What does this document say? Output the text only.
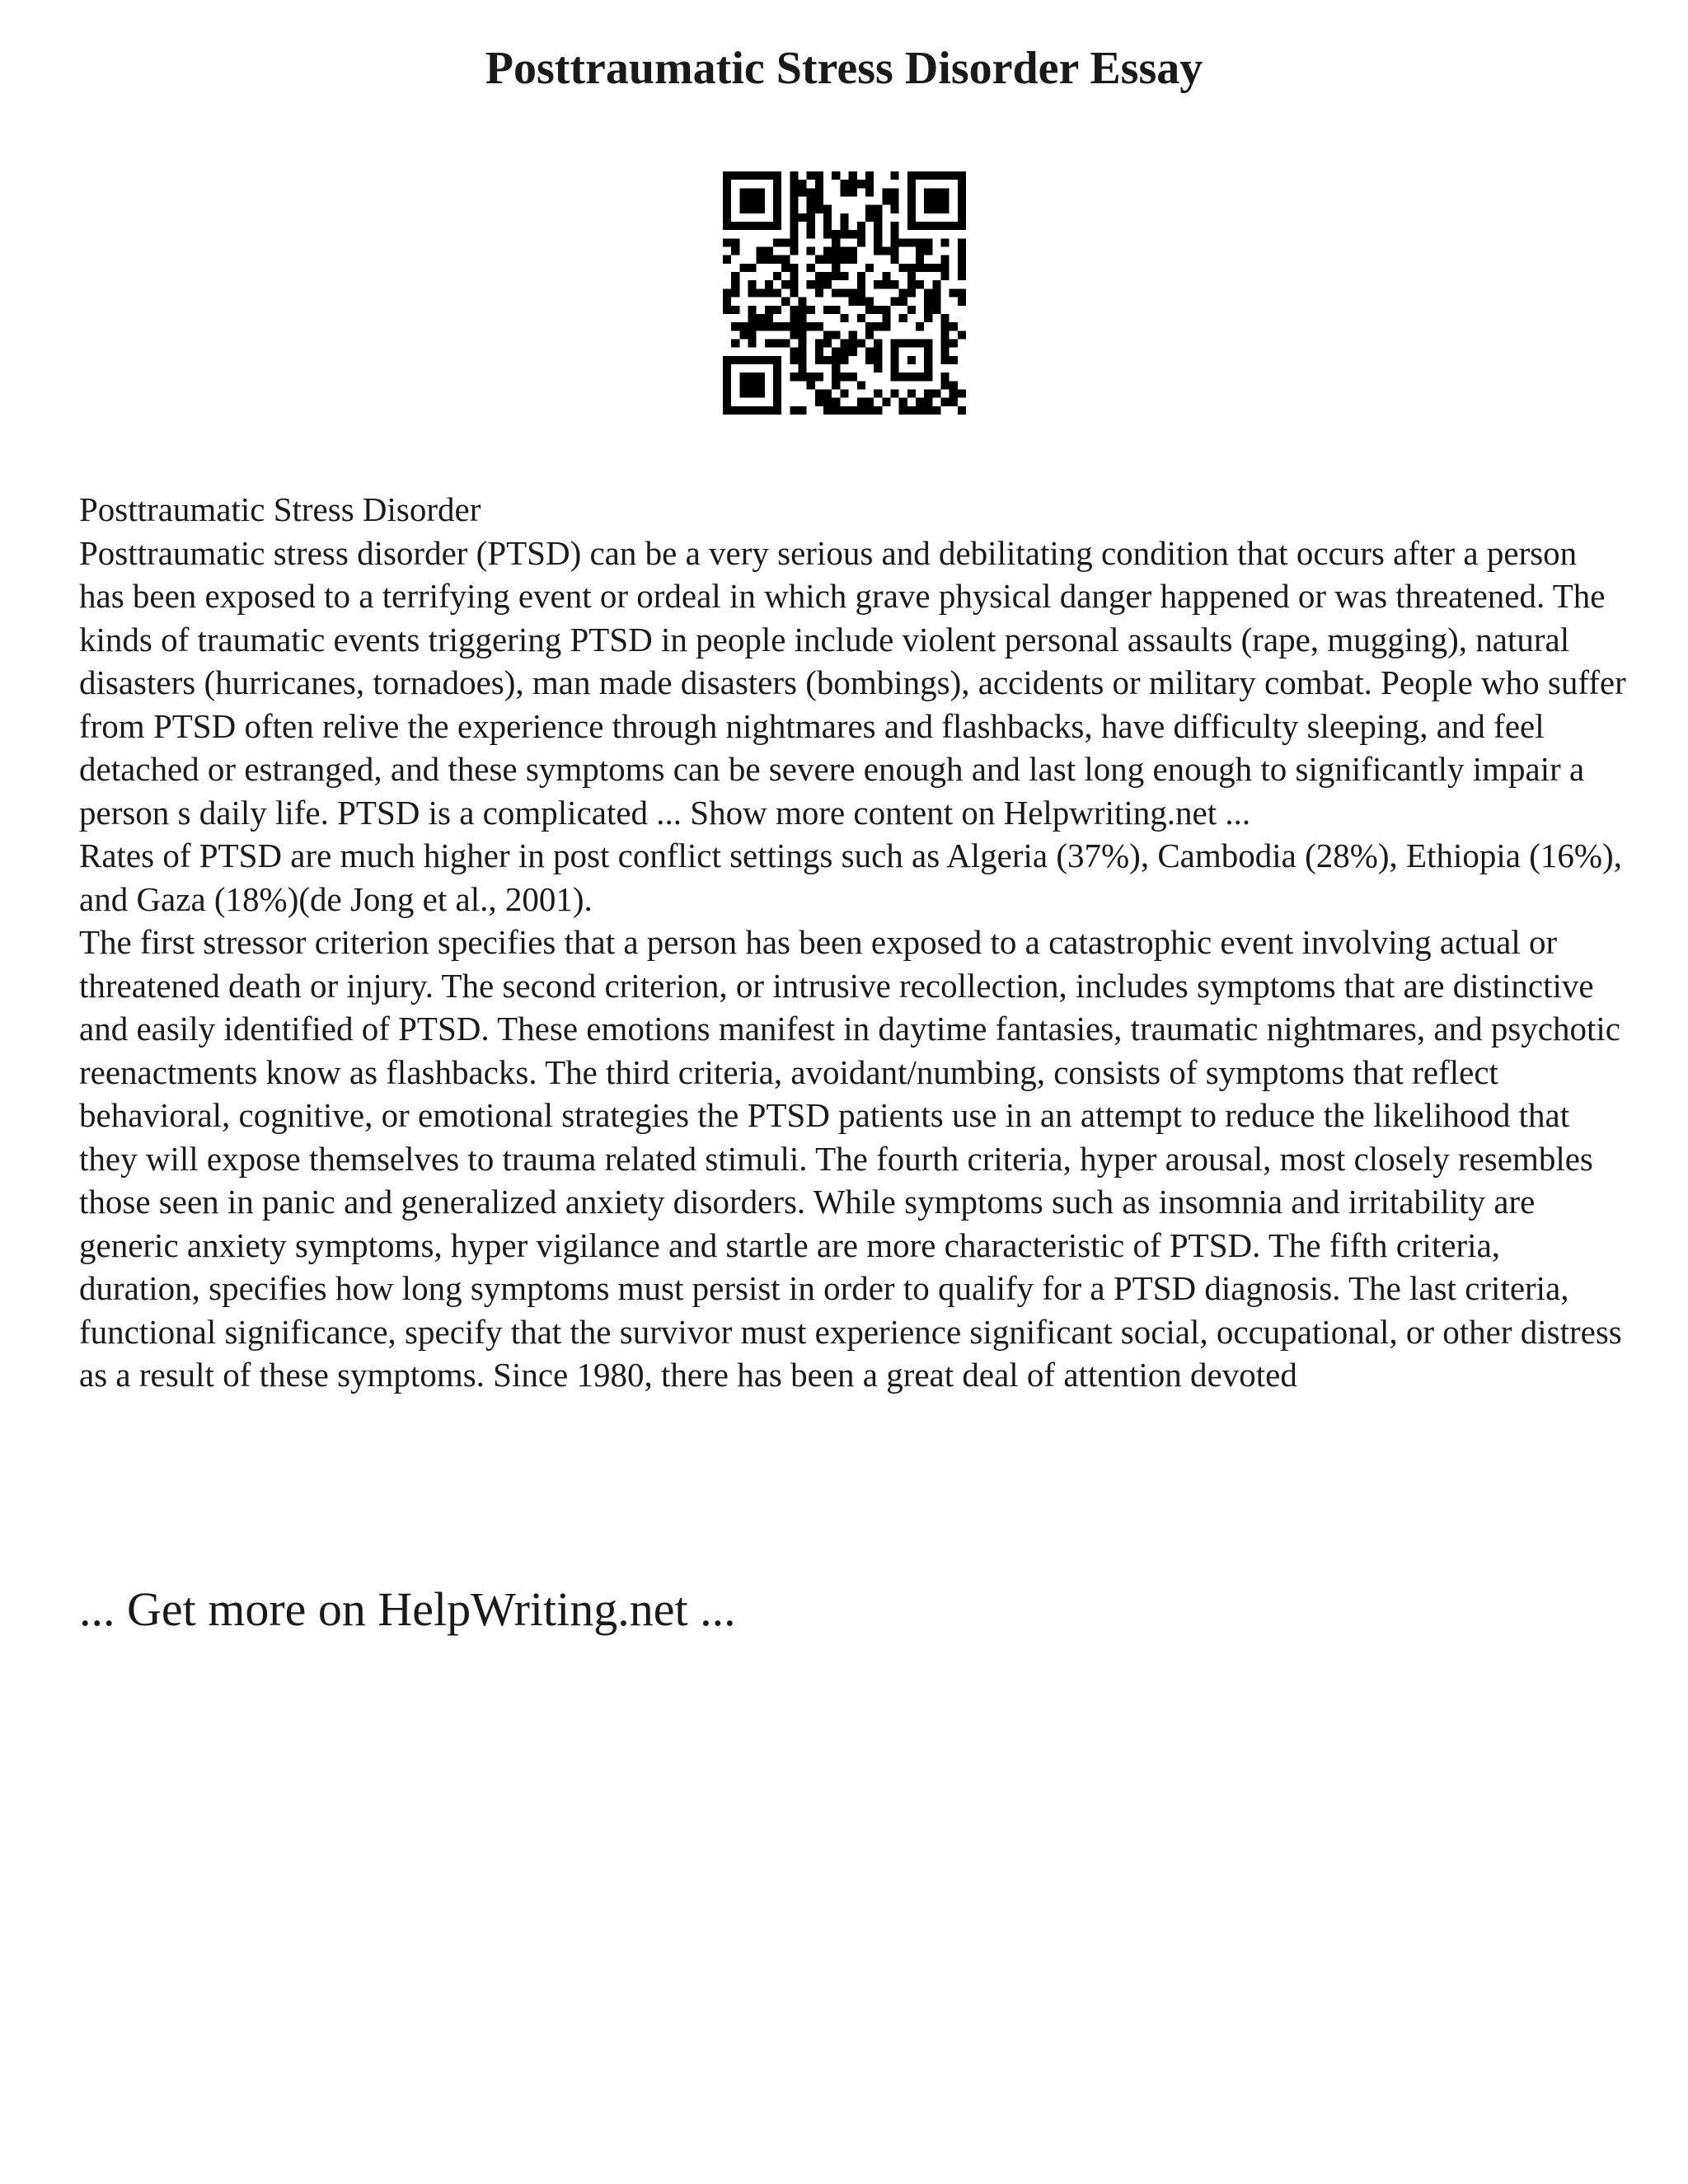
Posttraumatic Stress Disorder Essay

Posttraumatic Stress Disorder

Posttraumatic stress disorder (PTSD) can be a very serious and debilitating condition that occurs after a person has been exposed to a terrifying event or ordeal in which grave physical danger happened or was threatened. The kinds of traumatic events triggering PTSD in people include violent personal assaults (rape, mugging), natural disasters (hurricanes, tornadoes), man made disasters (bombings), accidents or military combat. People who suffer from PTSD often relive the experience through nightmares and flashbacks, have difficulty sleeping, and feel detached or estranged, and these symptoms can be severe enough and last long enough to significantly impair a person s daily life. PTSD is a complicated ... Show more content on Helpwriting.net ...

Rates of PTSD are much higher in post conflict settings such as Algeria (37%), Cambodia (28%), Ethiopia (16%), and Gaza (18%)(de Jong et al., 2001).

The first stressor criterion specifies that a person has been exposed to a catastrophic event involving actual or threatened death or injury. The second criterion, or intrusive recollection, includes symptoms that are distinctive and easily identified of PTSD. These emotions manifest in daytime fantasies, traumatic nightmares, and psychotic reenactments know as flashbacks. The third criteria, avoidant/numbing, consists of symptoms that reflect behavioral, cognitive, or emotional strategies the PTSD patients use in an attempt to reduce the likelihood that they will expose themselves to trauma related stimuli. The fourth criteria, hyper arousal, most closely resembles those seen in panic and generalized anxiety disorders. While symptoms such as insomnia and irritability are generic anxiety symptoms, hyper vigilance and startle are more characteristic of PTSD. The fifth criteria, duration, specifies how long symptoms must persist in order to qualify for a PTSD diagnosis. The last criteria, functional significance, specify that the survivor must experience significant social, occupational, or other distress as a result of these symptoms. Since 1980, there has been a great deal of attention devoted

... Get more on HelpWriting.net ...
